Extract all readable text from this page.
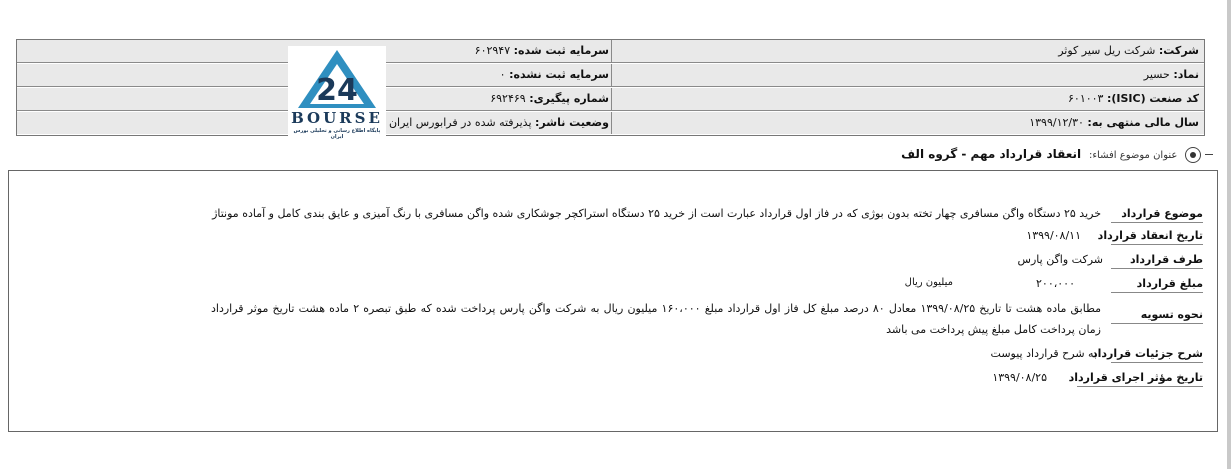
شرکت: شرکت ریل سیر کوثر
سرمایه ثبت شده: ۶۰۲۹۴۷
نماد: حسیر
سرمایه ثبت نشده: ۰
کد صنعت (ISIC): ۶۰۱۰۰۳
شماره پیگیری: ۶۹۲۴۶۹
سال مالی منتهی به: ۱۳۹۹/۱۲/۳۰
وضعیت ناشر: پذیرفته شده در فرابورس ایران
24
BOURSE
پایگاه اطلاع رسانی و تحلیلی بورس ایران

عنوان موضوع افشاء: انعقاد قرارداد مهم - گروه الف
موضوع قرارداد
خرید ۲۵ دستگاه واگن مسافری چهار تخته بدون بوژی که در فاز اول قرارداد عبارت است از خرید ۲۵ دستگاه استراکچر جوشکاری شده واگن مسافری با رنگ آمیزی و عایق بندی کامل و آماده مونتاژ
تاریخ انعقاد قرارداد
۱۳۹۹/۰۸/۱۱
طرف قرارداد
شرکت واگن پارس
مبلغ قرارداد
۲۰۰،۰۰۰
میلیون ریال
نحوه تسویه
مطابق ماده هشت تا تاریخ ۱۳۹۹/۰۸/۲۵ معادل ۸۰ درصد مبلغ کل فاز اول قرارداد مبلغ ۱۶۰،۰۰۰ میلیون ریال به شرکت واگن پارس پرداخت شده که طبق تبصره ۲ ماده هشت تاریخ موثر قرارداد زمان پرداخت کامل مبلغ پیش پرداخت می باشد
شرح جزئیات قرارداد
به شرح قرارداد پیوست
تاریخ مؤثر اجرای قرارداد
۱۳۹۹/۰۸/۲۵
